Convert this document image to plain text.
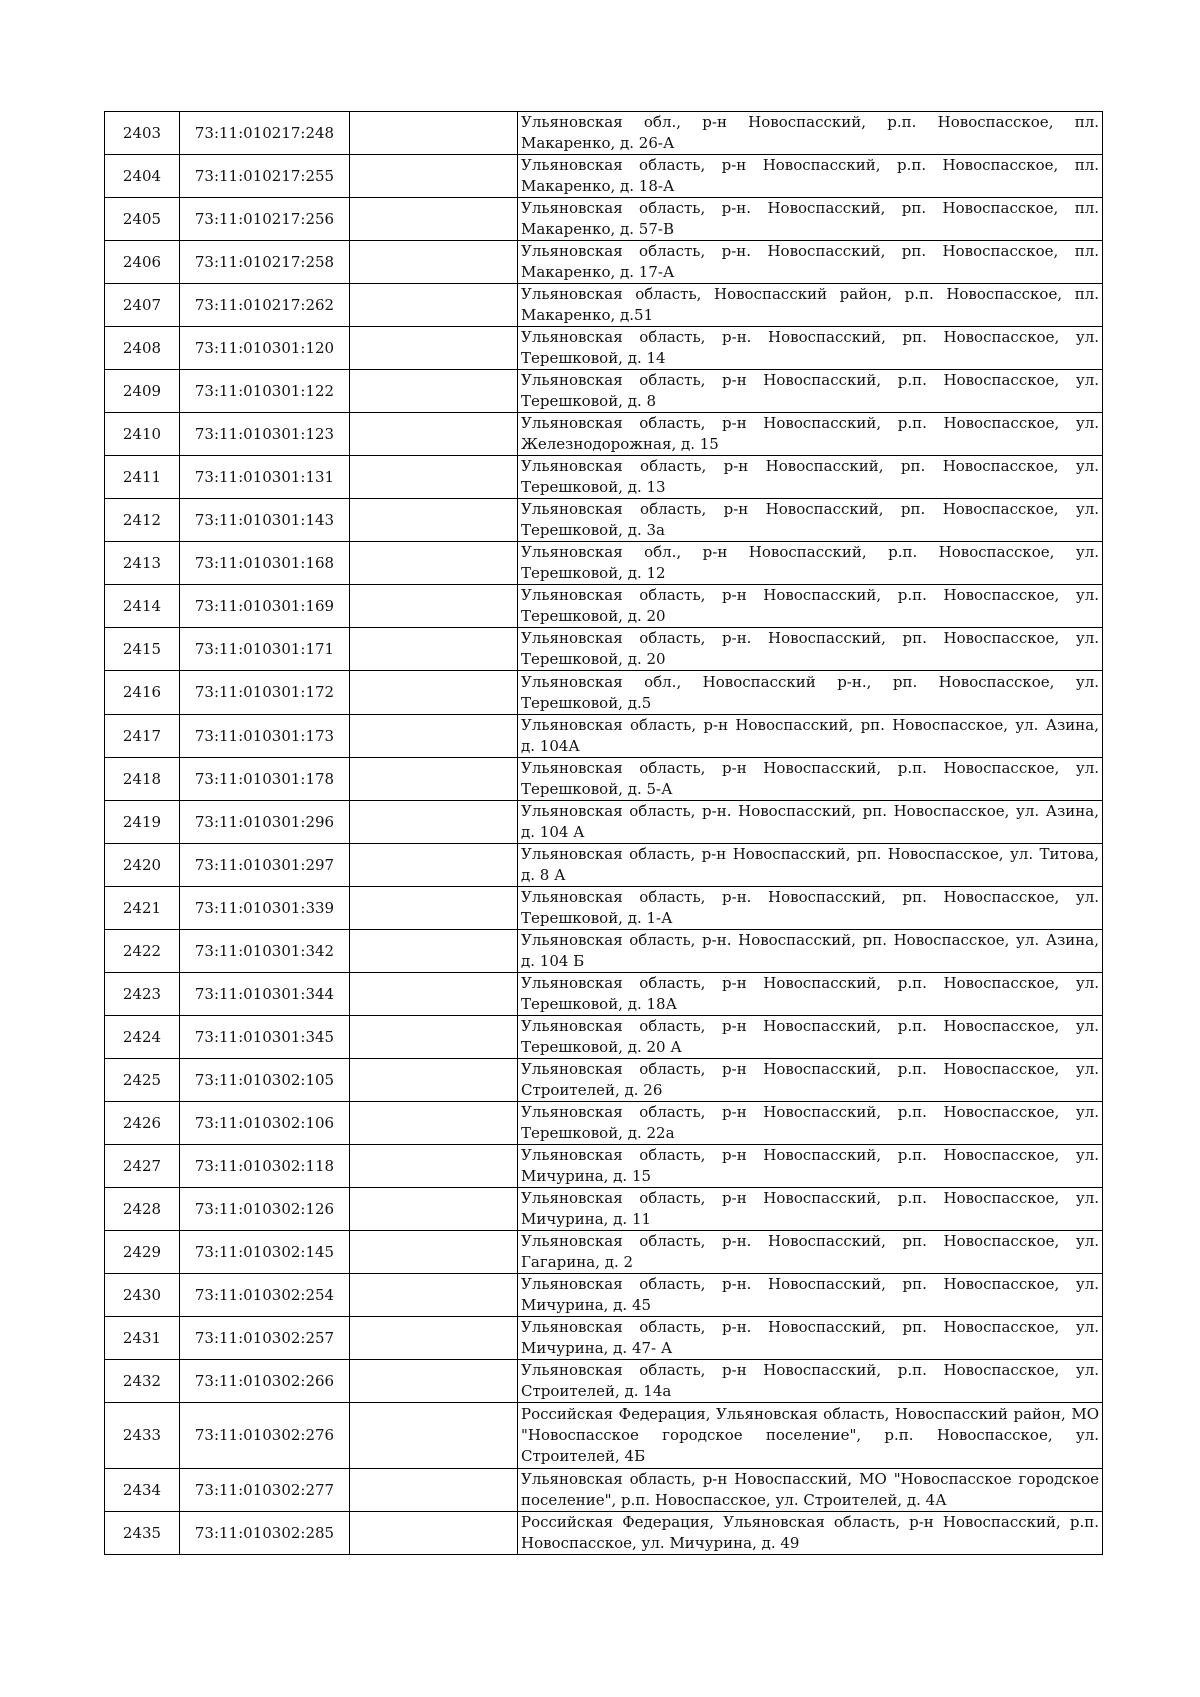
2403	73:11:010217:248		Ульяновская обл., р-н Новоспасский, р.п. Новоспасское, пл. Макаренко, д. 26-А
2404	73:11:010217:255		Ульяновская область, р-н Новоспасский, р.п. Новоспасское, пл. Макаренко, д. 18-А
2405	73:11:010217:256		Ульяновская область, р-н. Новоспасский, рп. Новоспасское, пл. Макаренко, д. 57-В
2406	73:11:010217:258		Ульяновская область, р-н. Новоспасский, рп. Новоспасское, пл. Макаренко, д. 17-А
2407	73:11:010217:262		Ульяновская область, Новоспасский район, р.п. Новоспасское, пл. Макаренко, д.51
2408	73:11:010301:120		Ульяновская область, р-н. Новоспасский, рп. Новоспасское, ул. Терешковой, д. 14
2409	73:11:010301:122		Ульяновская область, р-н Новоспасский, р.п. Новоспасское, ул. Терешковой, д. 8
2410	73:11:010301:123		Ульяновская область, р-н Новоспасский, р.п. Новоспасское, ул. Железнодорожная, д. 15
2411	73:11:010301:131		Ульяновская область, р-н Новоспасский, рп. Новоспасское, ул. Терешковой, д. 13
2412	73:11:010301:143		Ульяновская область, р-н Новоспасский, рп. Новоспасское, ул. Терешковой, д. 3а
2413	73:11:010301:168		Ульяновская обл., р-н Новоспасский, р.п. Новоспасское, ул. Терешковой, д. 12
2414	73:11:010301:169		Ульяновская область, р-н Новоспасский, р.п. Новоспасское, ул. Терешковой, д. 20
2415	73:11:010301:171		Ульяновская область, р-н. Новоспасский, рп. Новоспасское, ул. Терешковой, д. 20
2416	73:11:010301:172		Ульяновская обл., Новоспасский р-н., рп. Новоспасское, ул. Терешковой, д.5
2417	73:11:010301:173		Ульяновская область, р-н Новоспасский, рп. Новоспасское, ул. Азина, д. 104А
2418	73:11:010301:178		Ульяновская область, р-н Новоспасский, р.п. Новоспасское, ул. Терешковой, д. 5-А
2419	73:11:010301:296		Ульяновская область, р-н. Новоспасский, рп. Новоспасское, ул. Азина, д. 104 А
2420	73:11:010301:297		Ульяновская область, р-н Новоспасский, рп. Новоспасское, ул. Титова, д. 8 А
2421	73:11:010301:339		Ульяновская область, р-н. Новоспасский, рп. Новоспасское, ул. Терешковой, д. 1-А
2422	73:11:010301:342		Ульяновская область, р-н. Новоспасский, рп. Новоспасское, ул. Азина, д. 104 Б
2423	73:11:010301:344		Ульяновская область, р-н Новоспасский, р.п. Новоспасское, ул. Терешковой, д. 18А
2424	73:11:010301:345		Ульяновская область, р-н Новоспасский, р.п. Новоспасское, ул. Терешковой, д. 20 А
2425	73:11:010302:105		Ульяновская область, р-н Новоспасский, р.п. Новоспасское, ул. Строителей, д. 26
2426	73:11:010302:106		Ульяновская область, р-н Новоспасский, р.п. Новоспасское, ул. Терешковой, д. 22а
2427	73:11:010302:118		Ульяновская область, р-н Новоспасский, р.п. Новоспасское, ул. Мичурина, д. 15
2428	73:11:010302:126		Ульяновская область, р-н Новоспасский, р.п. Новоспасское, ул. Мичурина, д. 11
2429	73:11:010302:145		Ульяновская область, р-н. Новоспасский, рп. Новоспасское, ул. Гагарина, д. 2
2430	73:11:010302:254		Ульяновская область, р-н. Новоспасский, рп. Новоспасское, ул. Мичурина, д. 45
2431	73:11:010302:257		Ульяновская область, р-н. Новоспасский, рп. Новоспасское, ул. Мичурина, д. 47- А
2432	73:11:010302:266		Ульяновская область, р-н Новоспасский, р.п. Новоспасское, ул. Строителей, д. 14а
2433	73:11:010302:276		Российская Федерация, Ульяновская область, Новоспасский район, МО "Новоспасское городское поселение", р.п. Новоспасское, ул. Строителей, 4Б
2434	73:11:010302:277		Ульяновская область, р-н Новоспасский, МО "Новоспасское городское поселение", р.п. Новоспасское, ул. Строителей, д. 4А
2435	73:11:010302:285		Российская Федерация, Ульяновская область, р-н Новоспасский, р.п. Новоспасское, ул. Мичурина, д. 49
